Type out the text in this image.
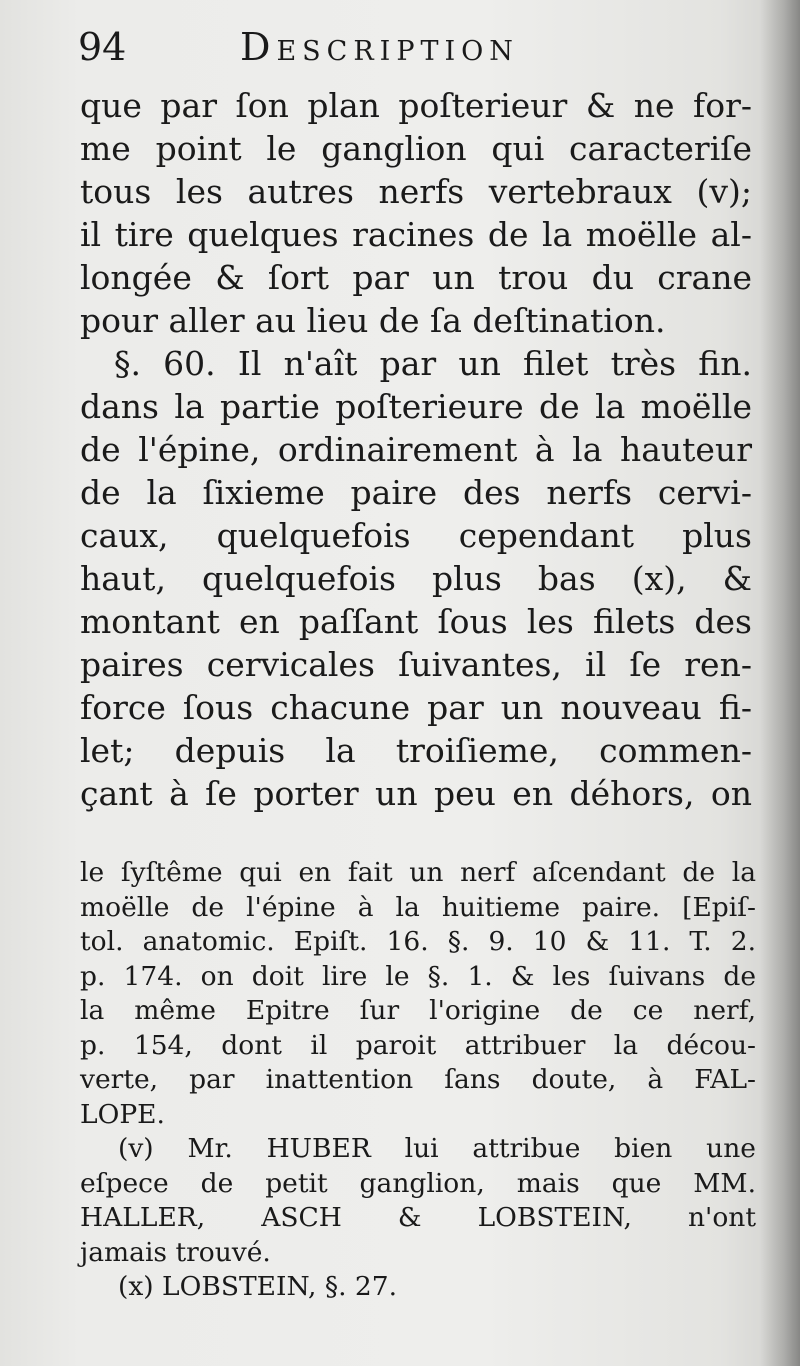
94	Description
que par ſon plan poſterieur & ne for-
me point le ganglion qui caracteriſe
tous les autres nerfs vertebraux (v);
il tire quelques racines de la moëlle al-
longée & ſort par un trou du crane
pour aller au lieu de ſa deſtination.
§. 60. Il n'aît par un filet très fin.
dans la partie poſterieure de la moëlle
de l'épine, ordinairement à la hauteur
de la ſixieme paire des nerfs cervi-
caux, quelquefois cependant plus
haut, quelquefois plus bas (x), &
montant en paſſant ſous les filets des
paires cervicales ſuivantes, il ſe ren-
force ſous chacune par un nouveau fi-
let; depuis la troiſieme, commen-
çant à ſe porter un peu en déhors, on
le ſyſtême qui en fait un nerf aſcendant de la
moëlle de l'épine à la huitieme paire. [Epiſ-
tol. anatomic. Epiſt. 16. §. 9. 10 & 11. T. 2.
p. 174. on doit lire le §. 1. & les ſuivans de
la même Epitre ſur l'origine de ce nerf,
p. 154, dont il paroit attribuer la décou-
verte, par inattention ſans doute, à FAL-
LOPE.
(v) Mr. HUBER lui attribue bien une
eſpece de petit ganglion, mais que MM.
HALLER, ASCH & LOBSTEIN, n'ont
jamais trouvé.
(x) LOBSTEIN, §. 27.
